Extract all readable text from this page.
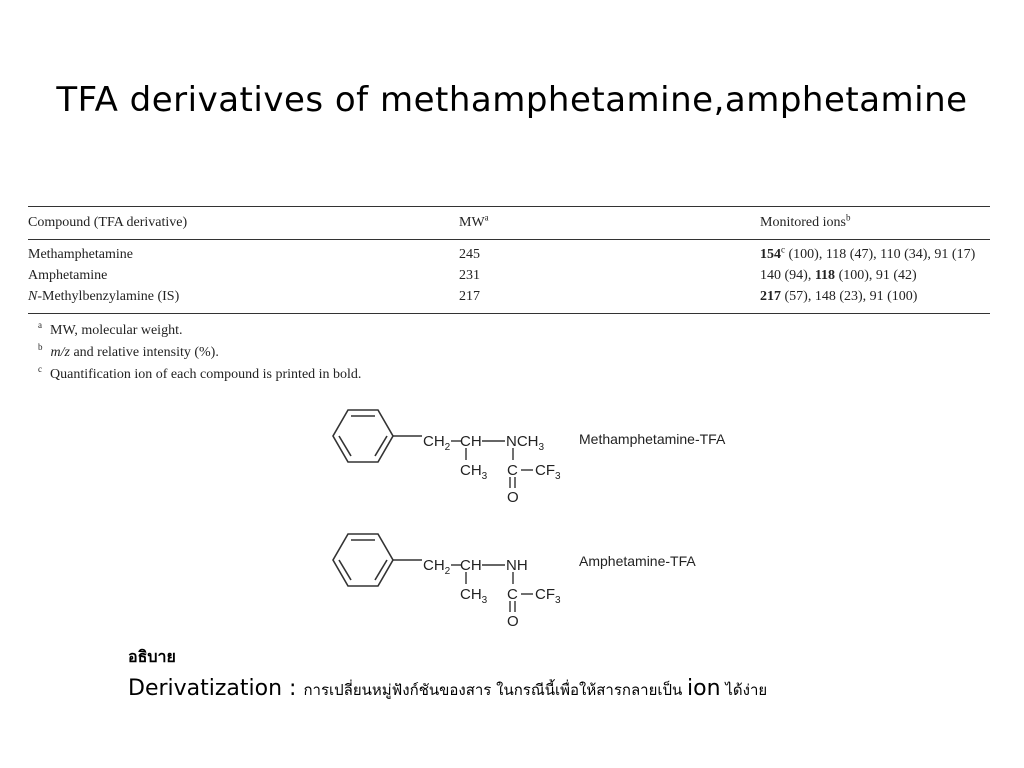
TFA derivatives of methamphetamine,amphetamine
Compound (TFA derivative)	$MW^a$	Monitored ions$^b$
Methamphetamine	245	154$^c$ (100), 118 (47), 110 (34), 91 (17)
Amphetamine	231	140 (94), 118 (100), 91 (42)
N-Methylbenzylamine (IS)	217	217 (57), 148 (23), 91 (100)
$^a$ MW, molecular weight.
$^b$ m/z and relative intensity (%).
$^c$ Quantification ion of each compound is printed in bold.
$CH_2$ CH $NCH_3$
$CH_3$ C $CF_3$
O
Methamphetamine-TFA
$CH_2$ CH NH
$CH_3$ C $CF_3$
O
Amphetamine-TFA
อธิบาย
Derivatization : การเปลี่ยนหมู่ฟังก์ชันของสาร ในกรณีนี้เพื่อให้สารกลายเป็น ion ได้ง่าย
